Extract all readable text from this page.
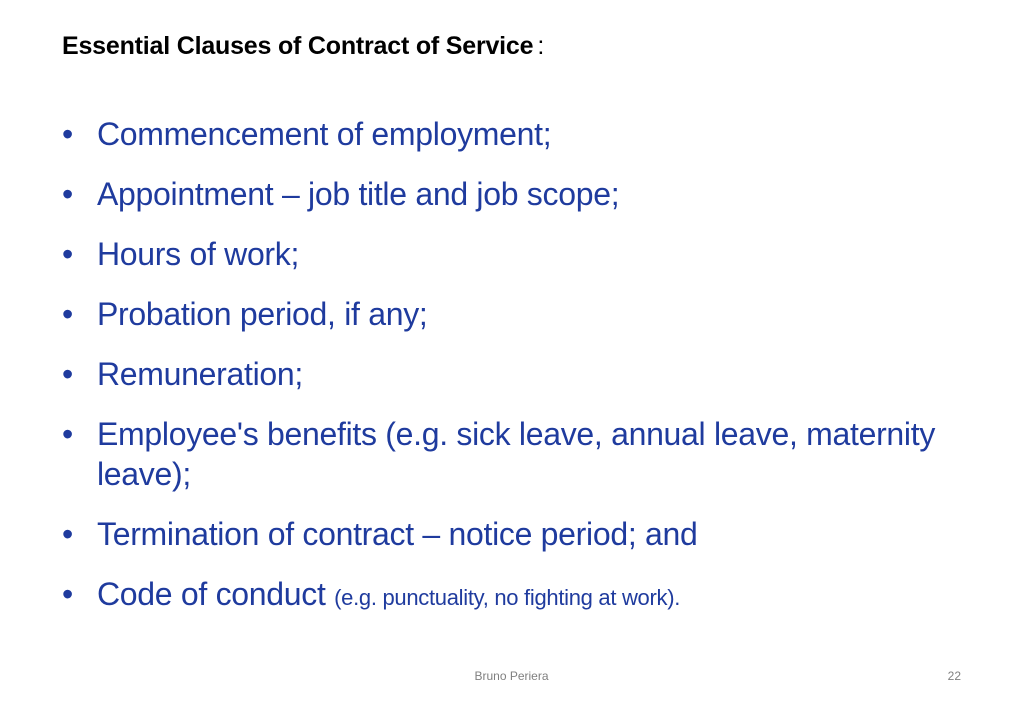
Essential Clauses of Contract of Service :
• Commencement of employment;
• Appointment – job title and job scope;
• Hours of work;
• Probation period, if any;
• Remuneration;
• Employee's benefits (e.g. sick leave, annual leave, maternity leave);
• Termination of contract – notice period; and
• Code of conduct (e.g. punctuality, no fighting at work).
Bruno Periera	22
